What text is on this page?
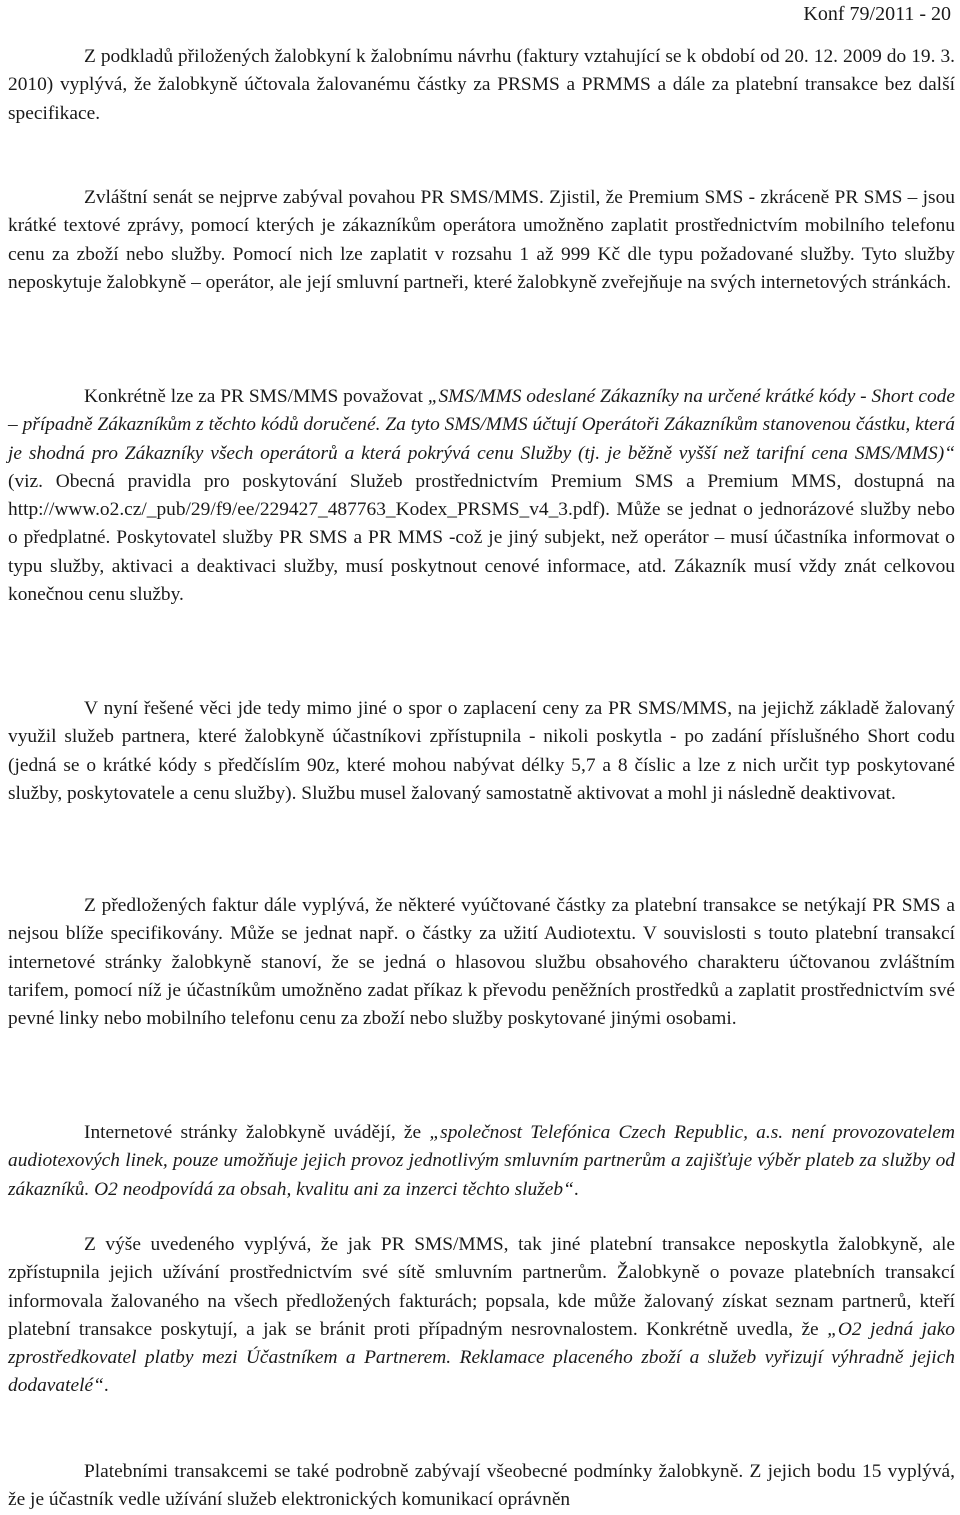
Konf 79/2011 - 20

Z podkladů přiložených žalobkyní k žalobnímu návrhu (faktury vztahující se k období od 20. 12. 2009 do 19. 3. 2010) vyplývá, že žalobkyně účtovala žalovanému částky za PRSMS a PRMMS a dále za platební transakce bez další specifikace.

Zvláštní senát se nejprve zabýval povahou PR SMS/MMS. Zjistil, že Premium SMS - zkráceně PR SMS – jsou krátké textové zprávy, pomocí kterých je zákazníkům operátora umožněno zaplatit prostřednictvím mobilního telefonu cenu za zboží nebo služby. Pomocí nich lze zaplatit v rozsahu 1 až 999 Kč dle typu požadované služby. Tyto služby neposkytuje žalobkyně – operátor, ale její smluvní partneři, které žalobkyně zveřejňuje na svých internetových stránkách.

Konkrétně lze za PR SMS/MMS považovat „SMS/MMS odeslané Zákazníky na určené krátké kódy - Short code – případně Zákazníkům z těchto kódů doručené. Za tyto SMS/MMS účtují Operátoři Zákazníkům stanovenou částku, která je shodná pro Zákazníky všech operátorů a která pokrývá cenu Služby (tj. je běžně vyšší než tarifní cena SMS/MMS)“ (viz. Obecná pravidla pro poskytování Služeb prostřednictvím Premium SMS a Premium MMS, dostupná na http://www.o2.cz/_pub/29/f9/ee/229427_487763_Kodex_PRSMS_v4_3.pdf). Může se jednat o jednorázové služby nebo o předplatné. Poskytovatel služby PR SMS a PR MMS -což je jiný subjekt, než operátor – musí účastníka informovat o typu služby, aktivaci a deaktivaci služby, musí poskytnout cenové informace, atd. Zákazník musí vždy znát celkovou konečnou cenu služby.

V nyní řešené věci jde tedy mimo jiné o spor o zaplacení ceny za PR SMS/MMS, na jejichž základě žalovaný využil služeb partnera, které žalobkyně účastníkovi zpřístupnila - nikoli poskytla - po zadání příslušného Short codu (jedná se o krátké kódy s předčíslím 90z, které mohou nabývat délky 5,7 a 8 číslic a lze z nich určit typ poskytované služby, poskytovatele a cenu služby). Službu musel žalovaný samostatně aktivovat a mohl ji následně deaktivovat.

Z předložených faktur dále vyplývá, že některé vyúčtované částky za platební transakce se netýkají PR SMS a nejsou blíže specifikovány. Může se jednat např. o částky za užití Audiotextu. V souvislosti s touto platební transakcí internetové stránky žalobkyně stanoví, že se jedná o hlasovou službu obsahového charakteru účtovanou zvláštním tarifem, pomocí níž je účastníkům umožněno zadat příkaz k převodu peněžních prostředků a zaplatit prostřednictvím své pevné linky nebo mobilního telefonu cenu za zboží nebo služby poskytované jinými osobami.

Internetové stránky žalobkyně uvádějí, že „společnost Telefónica Czech Republic, a.s. není provozovatelem audiotexových linek, pouze umožňuje jejich provoz jednotlivým smluvním partnerům a zajišťuje výběr plateb za služby od zákazníků. O2 neodpovídá za obsah, kvalitu ani za inzerci těchto služeb“.

Z výše uvedeného vyplývá, že jak PR SMS/MMS, tak jiné platební transakce neposkytla žalobkyně, ale zpřístupnila jejich užívání prostřednictvím své sítě smluvním partnerům. Žalobkyně o povaze platebních transakcí informovala žalovaného na všech předložených fakturách; popsala, kde může žalovaný získat seznam partnerů, kteří platební transakce poskytují, a jak se bránit proti případným nesrovnalostem. Konkrétně uvedla, že „O2 jedná jako zprostředkovatel platby mezi Účastníkem a Partnerem. Reklamace placeného zboží a služeb vyřizují výhradně jejich dodavatelé“.

Platebními transakcemi se také podrobně zabývají všeobecné podmínky žalobkyně. Z jejich bodu 15 vyplývá, že je účastník vedle užívání služeb elektronických komunikací oprávněn
